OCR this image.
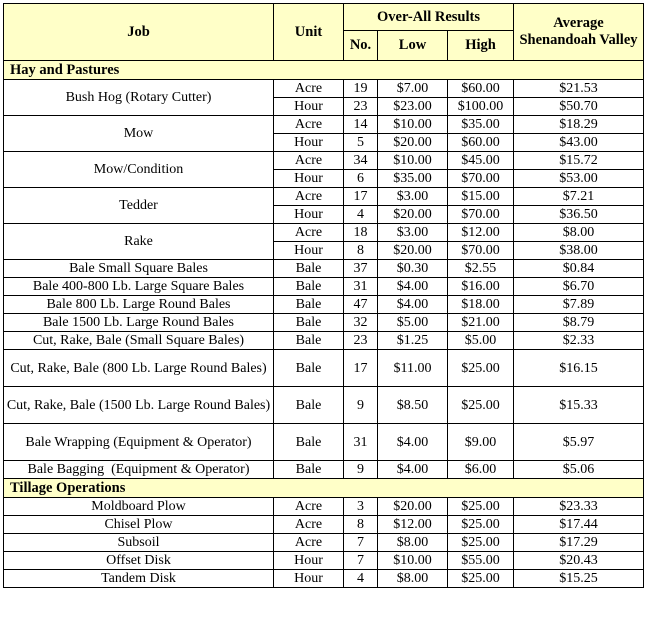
Job	Unit	Over-All Results			Average Shenandoah Valley
		No.	Low	High	
Hay and Pastures					
Bush Hog (Rotary Cutter)	Acre	19	$7.00	$60.00	$21.53
	Hour	23	$23.00	$100.00	$50.70
Mow	Acre	14	$10.00	$35.00	$18.29
	Hour	5	$20.00	$60.00	$43.00
Mow/Condition	Acre	34	$10.00	$45.00	$15.72
	Hour	6	$35.00	$70.00	$53.00
Tedder	Acre	17	$3.00	$15.00	$7.21
	Hour	4	$20.00	$70.00	$36.50
Rake	Acre	18	$3.00	$12.00	$8.00
	Hour	8	$20.00	$70.00	$38.00
Bale Small Square Bales	Bale	37	$0.30	$2.55	$0.84
Bale 400-800 Lb. Large Square Bales	Bale	31	$4.00	$16.00	$6.70
Bale 800 Lb. Large Round Bales	Bale	47	$4.00	$18.00	$7.89
Bale 1500 Lb. Large Round Bales	Bale	32	$5.00	$21.00	$8.79
Cut, Rake, Bale (Small Square Bales)	Bale	23	$1.25	$5.00	$2.33
Cut, Rake, Bale (800 Lb. Large Round Bales)	Bale	17	$11.00	$25.00	$16.15
Cut, Rake, Bale (1500 Lb. Large Round Bales)	Bale	9	$8.50	$25.00	$15.33
Bale Wrapping (Equipment & Operator)	Bale	31	$4.00	$9.00	$5.97
Bale Bagging  (Equipment & Operator)	Bale	9	$4.00	$6.00	$5.06
Tillage Operations					
Moldboard Plow	Acre	3	$20.00	$25.00	$23.33
Chisel Plow	Acre	8	$12.00	$25.00	$17.44
Subsoil	Acre	7	$8.00	$25.00	$17.29
Offset Disk	Hour	7	$10.00	$55.00	$20.43
Tandem Disk	Hour	4	$8.00	$25.00	$15.25
